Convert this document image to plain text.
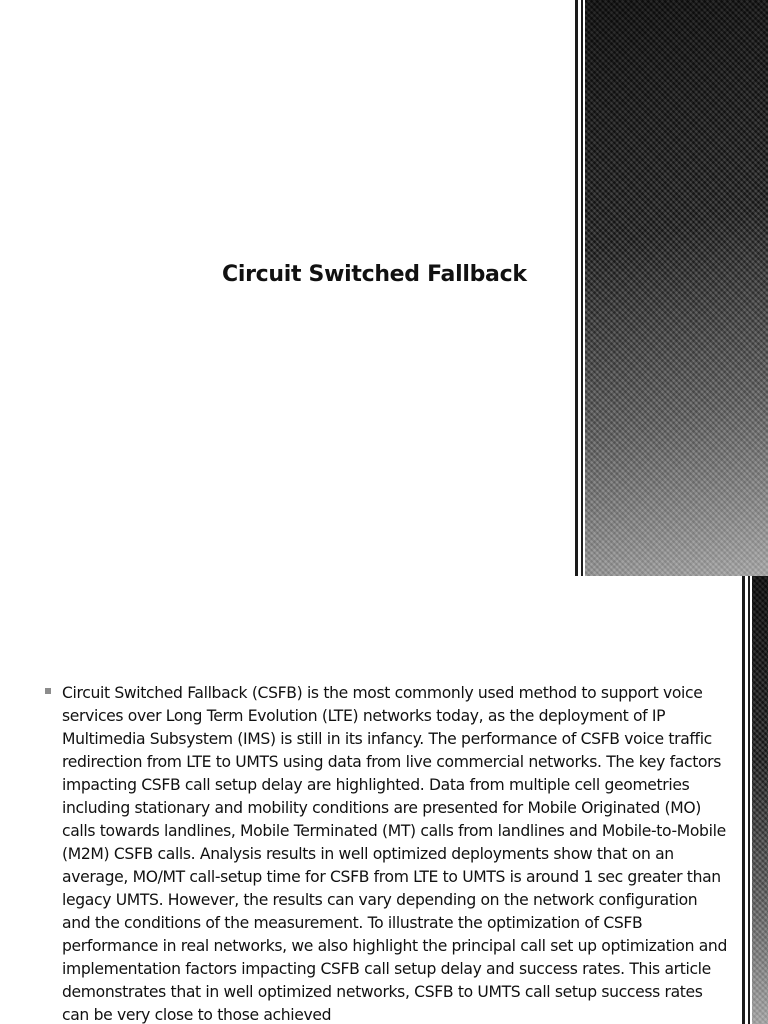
Circuit Switched Fallback
Circuit Switched Fallback (CSFB) is the most commonly used method to support voice services over Long Term Evolution (LTE) networks today, as the deployment of IP Multimedia Subsystem (IMS) is still in its infancy. The performance of CSFB voice traffic redirection from LTE to UMTS using data from live commercial networks. The key factors impacting CSFB call setup delay are highlighted. Data from multiple cell geometries including stationary and mobility conditions are presented for Mobile Originated (MO) calls towards landlines, Mobile Terminated (MT) calls from landlines and Mobile-to-Mobile (M2M) CSFB calls. Analysis results in well optimized deployments show that on an average, MO/MT call-setup time for CSFB from LTE to UMTS is around 1 sec greater than legacy UMTS. However, the results can vary depending on the network configuration and the conditions of the measurement. To illustrate the optimization of CSFB performance in real networks, we also highlight the principal call set up optimization and implementation factors impacting CSFB call setup delay and success rates. This article demonstrates that in well optimized networks, CSFB to UMTS call setup success rates can be very close to those achieved
